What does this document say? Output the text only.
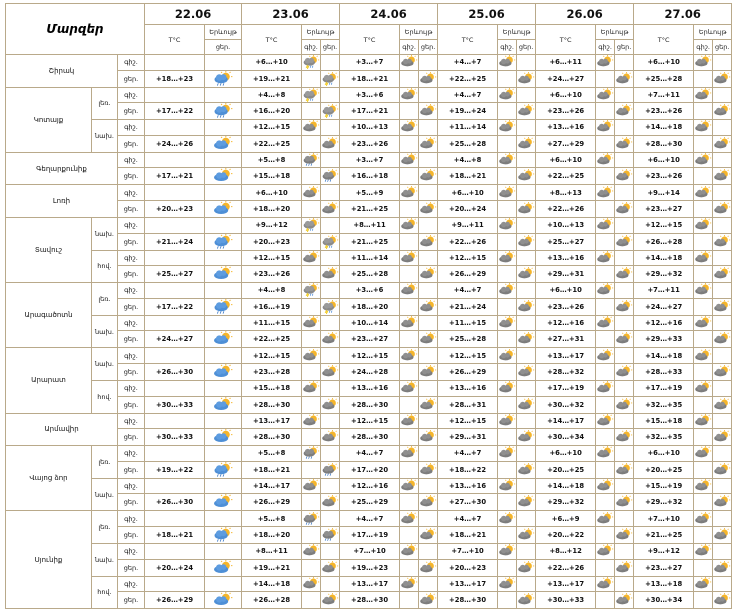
Մարզեր			22.06		23.06			24.06			25.06			26.06			27.06		
			T°C	Երևույթ	T°C	Երևույթ		T°C	Երևույթ		T°C	Երևույթ		T°C	Երևույթ		T°C	Երևույթ	
				ցեր.		գիշ.	ցեր.		գիշ.	ցեր.		գիշ.	ցեր.		գիշ.	ցեր.		գիշ.	ցեր.
Շիրակ		գիշ.			+6…+10			+3…+7			+4…+7			+6…+11			+6…+10	

		ցեր.	+18…+23		+19…+21			+18…+21			+22…+25			+24…+27			+25…+28		

Կոտայք	լեռ.	գիշ.			+4…+8			+3…+6			+4…+7			+6…+10			+7…+11	

		ցեր.	+17…+22		+16…+20			+17…+21			+19…+24			+23…+26			+23…+26		

	նախ.	գիշ.			+12…+15			+10…+13			+11…+14			+13…+16			+14…+18	

		ցեր.	+24…+26		+22…+25			+23…+26			+25…+28			+27…+29			+28…+30		

Գեղարքունիք		գիշ.			+5…+8			+3…+7			+4…+8			+6…+10			+6…+10	

		ցեր.	+17…+21		+15…+18			+16…+18			+18…+21			+22…+25			+23…+26		

Լոռի		գիշ.			+6…+10			+5…+9			+6…+10			+8…+13			+9…+14	

		ցեր.	+20…+23		+18…+20			+21…+25			+20…+24			+22…+26			+23…+27		

Տավուշ	նախ.	գիշ.			+9…+12			+8…+11			+9…+11			+10…+13			+12…+15	

		ցեր.	+21…+24		+20…+23			+21…+25			+22…+26			+25…+27			+26…+28		

	հով.	գիշ.			+12…+15			+11…+14			+12…+15			+13…+16			+14…+18	

		ցեր.	+25…+27		+23…+26			+25…+28			+26…+29			+29…+31			+29…+32		

Արագածոտն	լեռ.	գիշ.			+4…+8			+3…+6			+4…+7			+6…+10			+7…+11	

		ցեր.	+17…+22		+16…+19			+18…+20			+21…+24			+23…+26			+24…+27		

	նախ.	գիշ.			+11…+15			+10…+14			+11…+15			+12…+16			+12…+16	

		ցեր.	+24…+27		+22…+25			+23…+27			+25…+28			+27…+31			+29…+33		

Արարատ	նախ.	գիշ.			+12…+15			+12…+15			+12…+15			+13…+17			+14…+18	

		ցեր.	+26…+30		+23…+28			+24…+28			+26…+29			+28…+32			+28…+33		

	հով.	գիշ.			+15…+18			+13…+16			+13…+16			+17…+19			+17…+19	

		ցեր.	+30…+33		+28…+30			+28…+30			+28…+31			+30…+32			+32…+35		

Արմավիր		գիշ.			+13…+17			+12…+15			+12…+15			+14…+17			+15…+18	

		ցեր.	+30…+33		+28…+30			+28…+30			+29…+31			+30…+34			+32…+35		

Վայոց ձոր	լեռ.	գիշ.			+5…+8			+4…+7			+4…+7			+6…+10			+6…+10	

		ցեր.	+19…+22		+18…+21			+17…+20			+18…+22			+20…+25			+20…+25		

	նախ.	գիշ.			+14…+17			+12…+16			+13…+16			+14…+18			+15…+19	

		ցեր.	+26…+30		+26…+29			+25…+29			+27…+30			+29…+32			+29…+32		

Սյունիք	լեռ.	գիշ.			+5…+8			+4…+7			+4…+7			+6…+9			+7…+10	

		ցեր.	+18…+21		+18…+20			+17…+19			+18…+21			+20…+22			+21…+25		

	նախ.	գիշ.			+8…+11			+7…+10			+7…+10			+8…+12			+9…+12	

		ցեր.	+20…+24		+19…+21			+19…+23			+20…+23			+22…+26			+23…+27		

	հով.	գիշ.			+14…+18			+13…+17			+13…+17			+13…+17			+13…+18	

		ցեր.	+26…+29		+26…+28			+28…+30			+28…+30			+30…+33			+30…+34		
